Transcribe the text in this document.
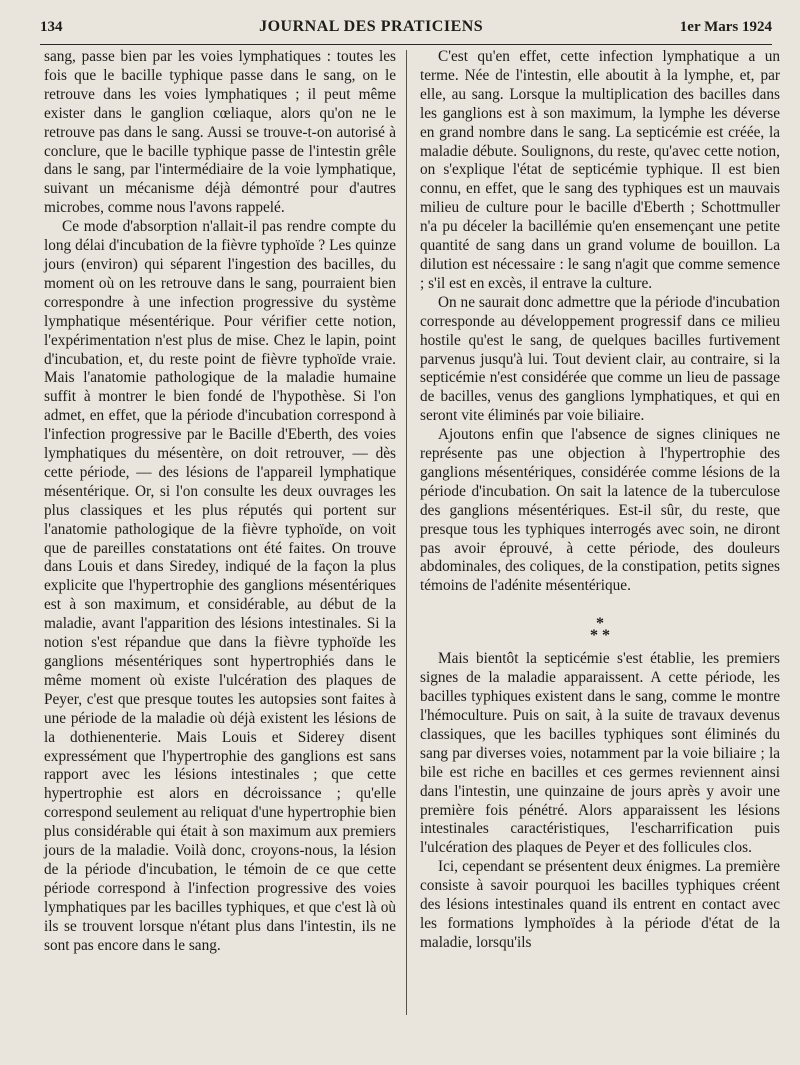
134	JOURNAL DES PRATICIENS	1er Mars 1924

sang, passe bien par les voies lymphatiques : toutes les fois que le bacille typhique passe dans le sang, on le retrouve dans les voies lymphatiques ; il peut même exister dans le ganglion cœliaque, alors qu'on ne le retrouve pas dans le sang. Aussi se trouve-t-on autorisé à conclure, que le bacille typhique passe de l'intestin grêle dans le sang, par l'intermédiaire de la voie lymphatique, suivant un mécanisme déjà démontré pour d'autres microbes, comme nous l'avons rappelé.

Ce mode d'absorption n'allait-il pas rendre compte du long délai d'incubation de la fièvre typhoïde ? Les quinze jours (environ) qui séparent l'ingestion des bacilles, du moment où on les retrouve dans le sang, pourraient bien correspondre à une infection progressive du système lymphatique mésentérique. Pour vérifier cette notion, l'expérimentation n'est plus de mise. Chez le lapin, point d'incubation, et, du reste point de fièvre typhoïde vraie. Mais l'anatomie pathologique de la maladie humaine suffit à montrer le bien fondé de l'hypothèse. Si l'on admet, en effet, que la période d'incubation correspond à l'infection progressive par le Bacille d'Eberth, des voies lymphatiques du mésentère, on doit retrouver, — dès cette période, — des lésions de l'appareil lymphatique mésentérique. Or, si l'on consulte les deux ouvrages les plus classiques et les plus réputés qui portent sur l'anatomie pathologique de la fièvre typhoïde, on voit que de pareilles constatations ont été faites. On trouve dans Louis et dans Siredey, indiqué de la façon la plus explicite que l'hypertrophie des ganglions mésentériques est à son maximum, et considérable, au début de la maladie, avant l'apparition des lésions intestinales. Si la notion s'est répandue que dans la fièvre typhoïde les ganglions mésentériques sont hypertrophiés dans le même moment où existe l'ulcération des plaques de Peyer, c'est que presque toutes les autopsies sont faites à une période de la maladie où déjà existent les lésions de la dothienenterie. Mais Louis et Siderey disent expressément que l'hypertrophie des ganglions est sans rapport avec les lésions intestinales ; que cette hypertrophie est alors en décroissance ; qu'elle correspond seulement au reliquat d'une hypertrophie bien plus considérable qui était à son maximum aux premiers jours de la maladie. Voilà donc, croyons-nous, la lésion de la période d'incubation, le témoin de ce que cette période correspond à l'infection progressive des voies lymphatiques par les bacilles typhiques, et que c'est là où ils se trouvent lorsque n'étant plus dans l'intestin, ils ne sont pas encore dans le sang.

C'est qu'en effet, cette infection lymphatique a un terme. Née de l'intestin, elle aboutit à la lymphe, et, par elle, au sang. Lorsque la multiplication des bacilles dans les ganglions est à son maximum, la lymphe les déverse en grand nombre dans le sang. La septicémie est créée, la maladie débute. Soulignons, du reste, qu'avec cette notion, on s'explique l'état de septicémie typhique. Il est bien connu, en effet, que le sang des typhiques est un mauvais milieu de culture pour le bacille d'Eberth ; Schottmuller n'a pu déceler la bacillémie qu'en ensemençant une petite quantité de sang dans un grand volume de bouillon. La dilution est nécessaire : le sang n'agit que comme semence ; s'il est en excès, il entrave la culture.

On ne saurait donc admettre que la période d'incubation corresponde au développement progressif dans ce milieu hostile qu'est le sang, de quelques bacilles furtivement parvenus jusqu'à lui. Tout devient clair, au contraire, si la septicémie n'est considérée que comme un lieu de passage de bacilles, venus des ganglions lymphatiques, et qui en seront vite éliminés par voie biliaire.

Ajoutons enfin que l'absence de signes cliniques ne représente pas une objection à l'hypertrophie des ganglions mésentériques, considérée comme lésions de la période d'incubation. On sait la latence de la tuberculose des ganglions mésentériques. Est-il sûr, du reste, que presque tous les typhiques interrogés avec soin, ne diront pas avoir éprouvé, à cette période, des douleurs abdominales, des coliques, de la constipation, petits signes témoins de l'adénite mésentérique.

*
* *

Mais bientôt la septicémie s'est établie, les premiers signes de la maladie apparaissent. A cette période, les bacilles typhiques existent dans le sang, comme le montre l'hémoculture. Puis on sait, à la suite de travaux devenus classiques, que les bacilles typhiques sont éliminés du sang par diverses voies, notamment par la voie biliaire ; la bile est riche en bacilles et ces germes reviennent ainsi dans l'intestin, une quinzaine de jours après y avoir une première fois pénétré. Alors apparaissent les lésions intestinales caractéristiques, l'escharrification puis l'ulcération des plaques de Peyer et des follicules clos.

Ici, cependant se présentent deux énigmes. La première consiste à savoir pourquoi les bacilles typhiques créent des lésions intestinales quand ils entrent en contact avec les formations lymphoïdes à la période d'état de la maladie, lorsqu'ils
